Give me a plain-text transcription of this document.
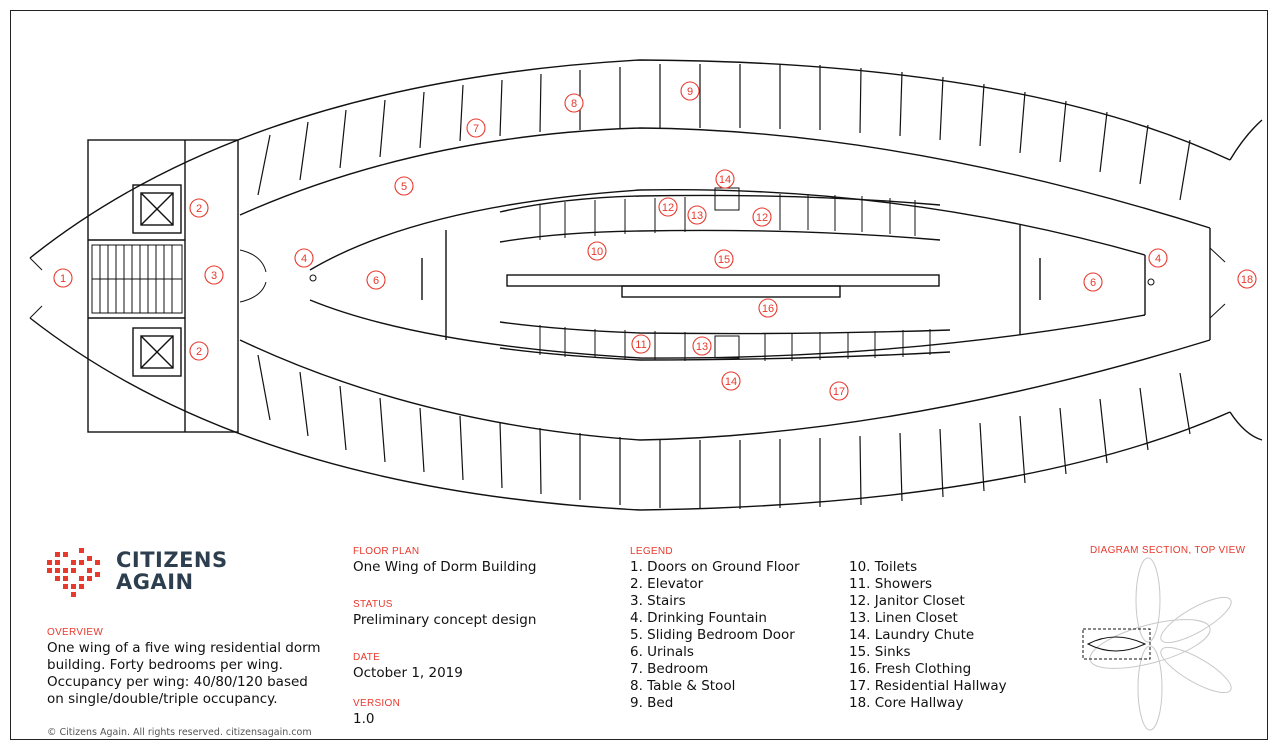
1
2
2
3
4	4
5
6	6
7
8
9
10
11
12
12
13
13
14
14
15
16
17
18
CITIZENS
AGAIN
OVERVIEW
One wing of a five wing residential dorm
building. Forty bedrooms per wing.
Occupancy per wing: 40/80/120 based
on single/double/triple occupancy.
© Citizens Again. All rights reserved. citizensagain.com
FLOOR PLAN
One Wing of Dorm Building
STATUS
Preliminary concept design
DATE
October 1, 2019
VERSION
1.0
LEGEND
1. Doors on Ground Floor
2. Elevator
3. Stairs
4. Drinking Fountain
5. Sliding Bedroom Door
6. Urinals
7. Bedroom
8. Table & Stool
9. Bed
10. Toilets
11. Showers
12. Janitor Closet
13. Linen Closet
14. Laundry Chute
15. Sinks
16. Fresh Clothing
17. Residential Hallway
18. Core Hallway
DIAGRAM SECTION, TOP VIEW
